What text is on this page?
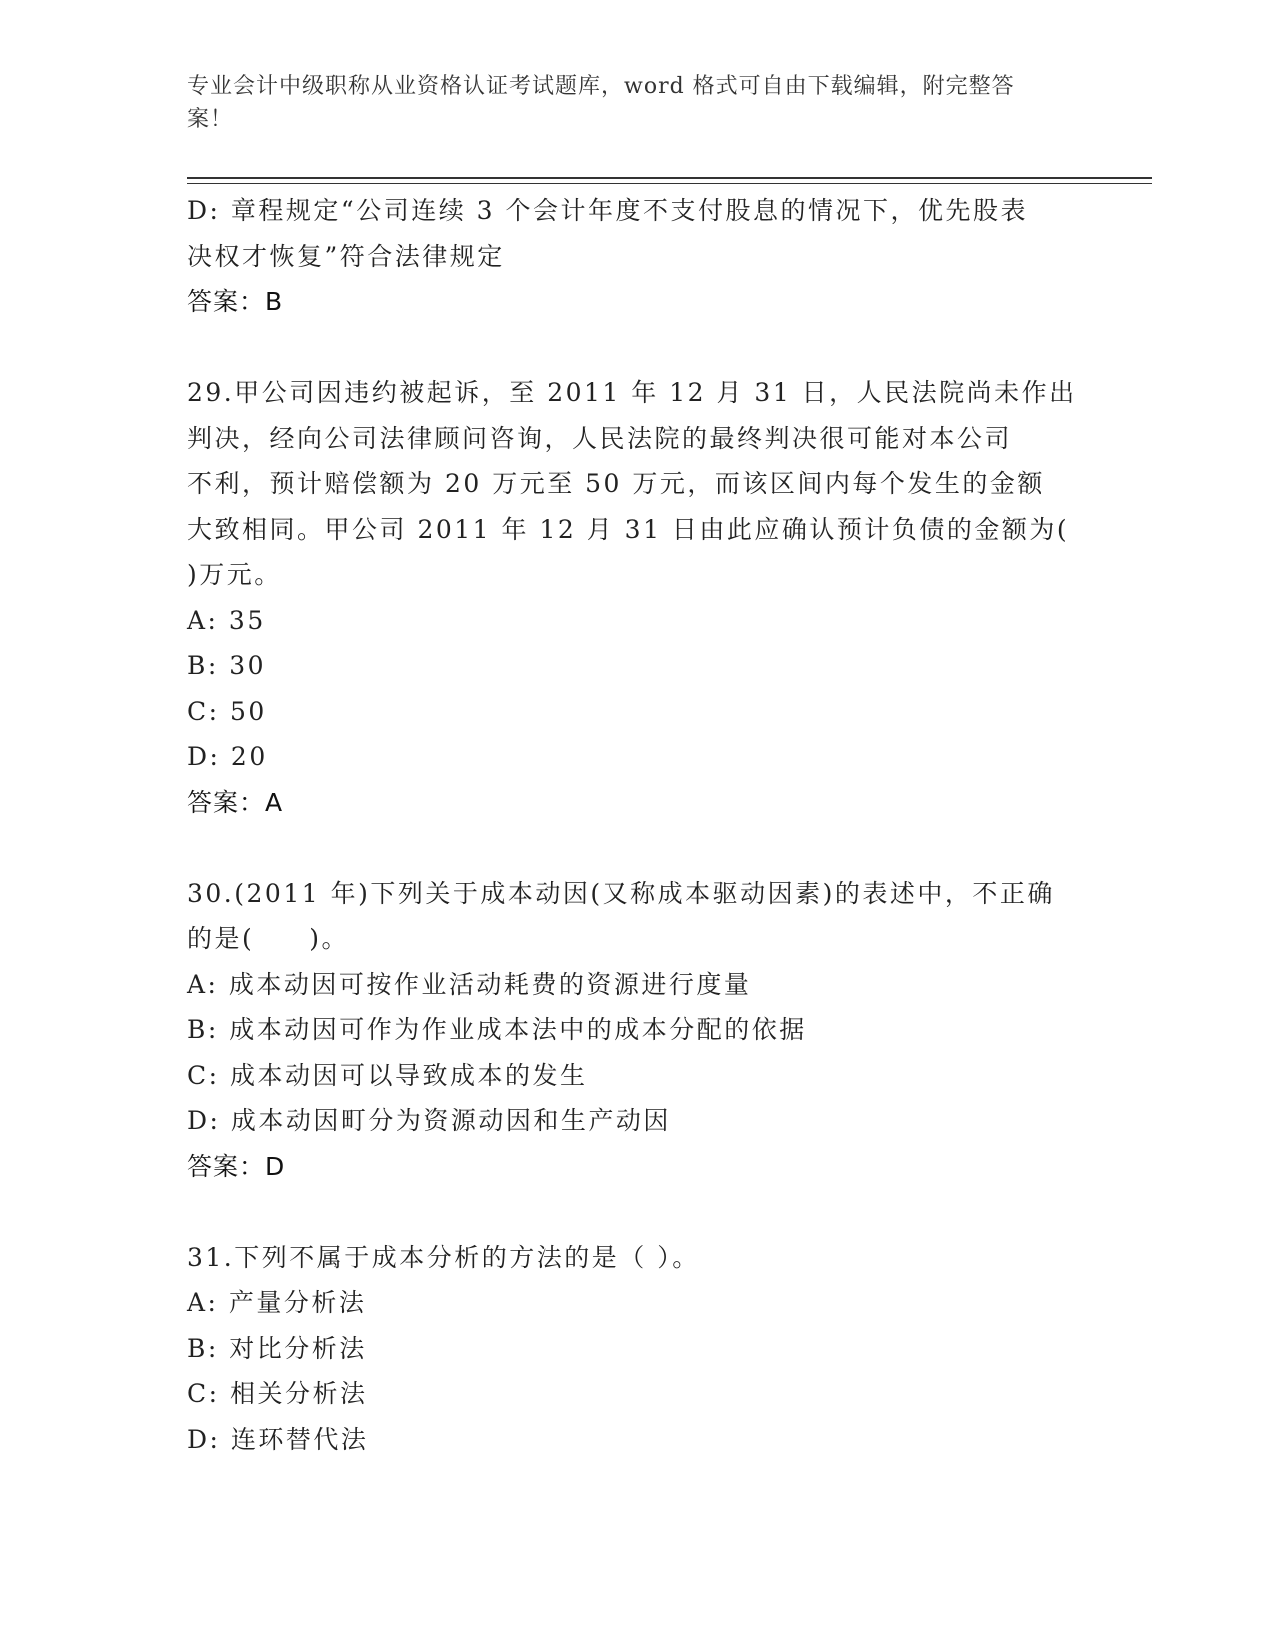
专业会计中级职称从业资格认证考试题库，word 格式可自由下载编辑，附完整答
案！
D: 章程规定“公司连续 3 个会计年度不支付股息的情况下，优先股表
决权才恢复”符合法律规定
答案：B
29.甲公司因违约被起诉，至 2011 年 12 月 31 日，人民法院尚未作出
判决，经向公司法律顾问咨询，人民法院的最终判决很可能对本公司
不利，预计赔偿额为 20 万元至 50 万元，而该区间内每个发生的金额
大致相同。甲公司 2011 年 12 月 31 日由此应确认预计负债的金额为(
)万元。
A: 35
B: 30
C: 50
D: 20
答案：A
30.(2011 年)下列关于成本动因(又称成本驱动因素)的表述中，不正确
的是(　　)。
A: 成本动因可按作业活动耗费的资源进行度量
B: 成本动因可作为作业成本法中的成本分配的依据
C: 成本动因可以导致成本的发生
D: 成本动因町分为资源动因和生产动因
答案：D
31.下列不属于成本分析的方法的是（ ）。
A: 产量分析法
B: 对比分析法
C: 相关分析法
D: 连环替代法
